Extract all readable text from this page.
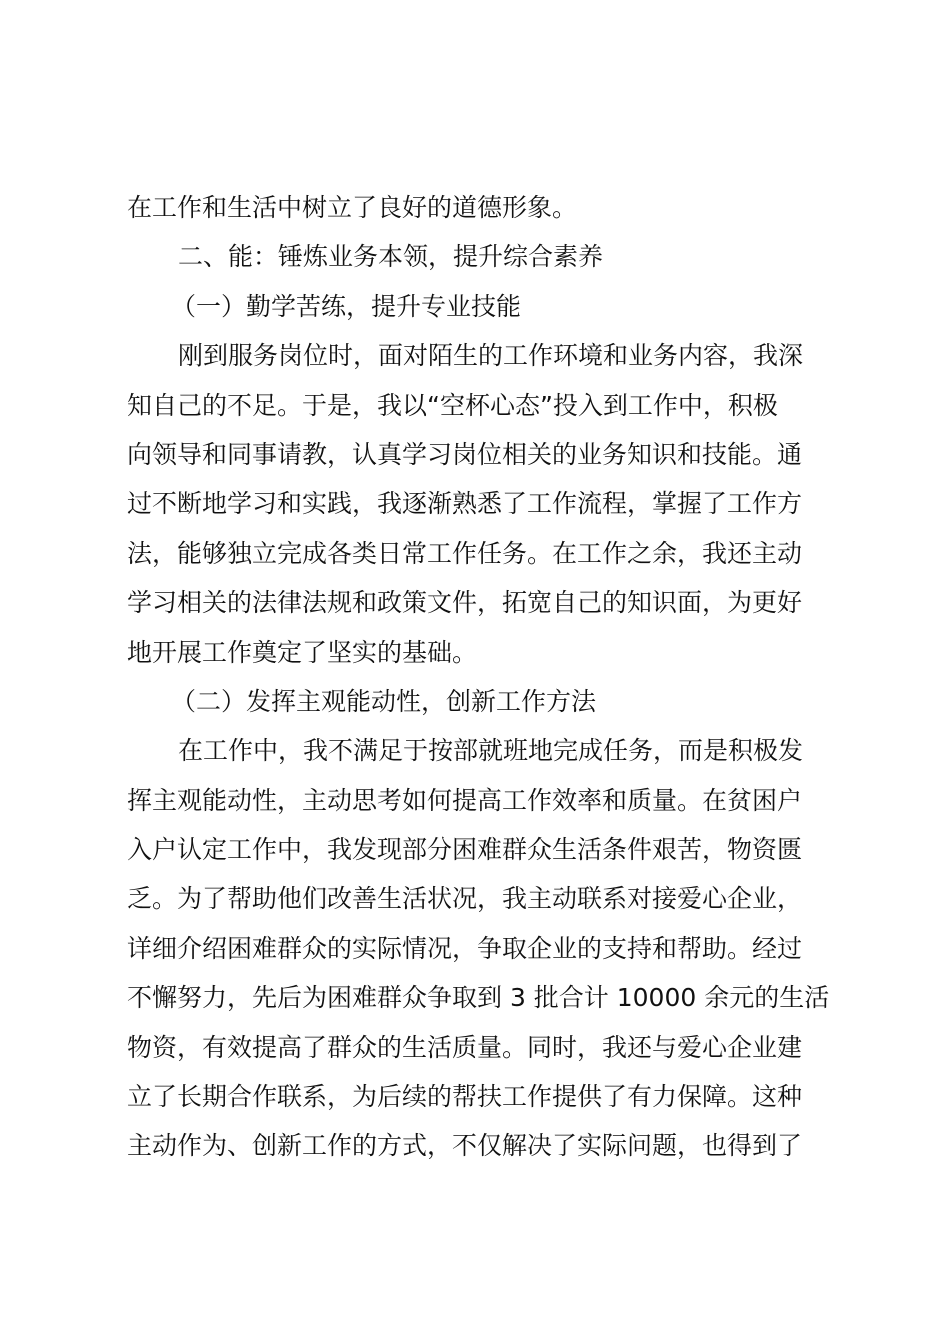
在工作和生活中树立了良好的道德形象。
二、能：锤炼业务本领，提升综合素养
（一）勤学苦练，提升专业技能
刚到服务岗位时，面对陌生的工作环境和业务内容，我深
知自己的不足。于是，我以“空杯心态”投入到工作中，积极
向领导和同事请教，认真学习岗位相关的业务知识和技能。通
过不断地学习和实践，我逐渐熟悉了工作流程，掌握了工作方
法，能够独立完成各类日常工作任务。在工作之余，我还主动
学习相关的法律法规和政策文件，拓宽自己的知识面，为更好
地开展工作奠定了坚实的基础。
（二）发挥主观能动性，创新工作方法
在工作中，我不满足于按部就班地完成任务，而是积极发
挥主观能动性，主动思考如何提高工作效率和质量。在贫困户
入户认定工作中，我发现部分困难群众生活条件艰苦，物资匮
乏。为了帮助他们改善生活状况，我主动联系对接爱心企业，
详细介绍困难群众的实际情况，争取企业的支持和帮助。经过
不懈努力，先后为困难群众争取到 3 批合计 10000 余元的生活
物资，有效提高了群众的生活质量。同时，我还与爱心企业建
立了长期合作联系，为后续的帮扶工作提供了有力保障。这种
主动作为、创新工作的方式，不仅解决了实际问题，也得到了
